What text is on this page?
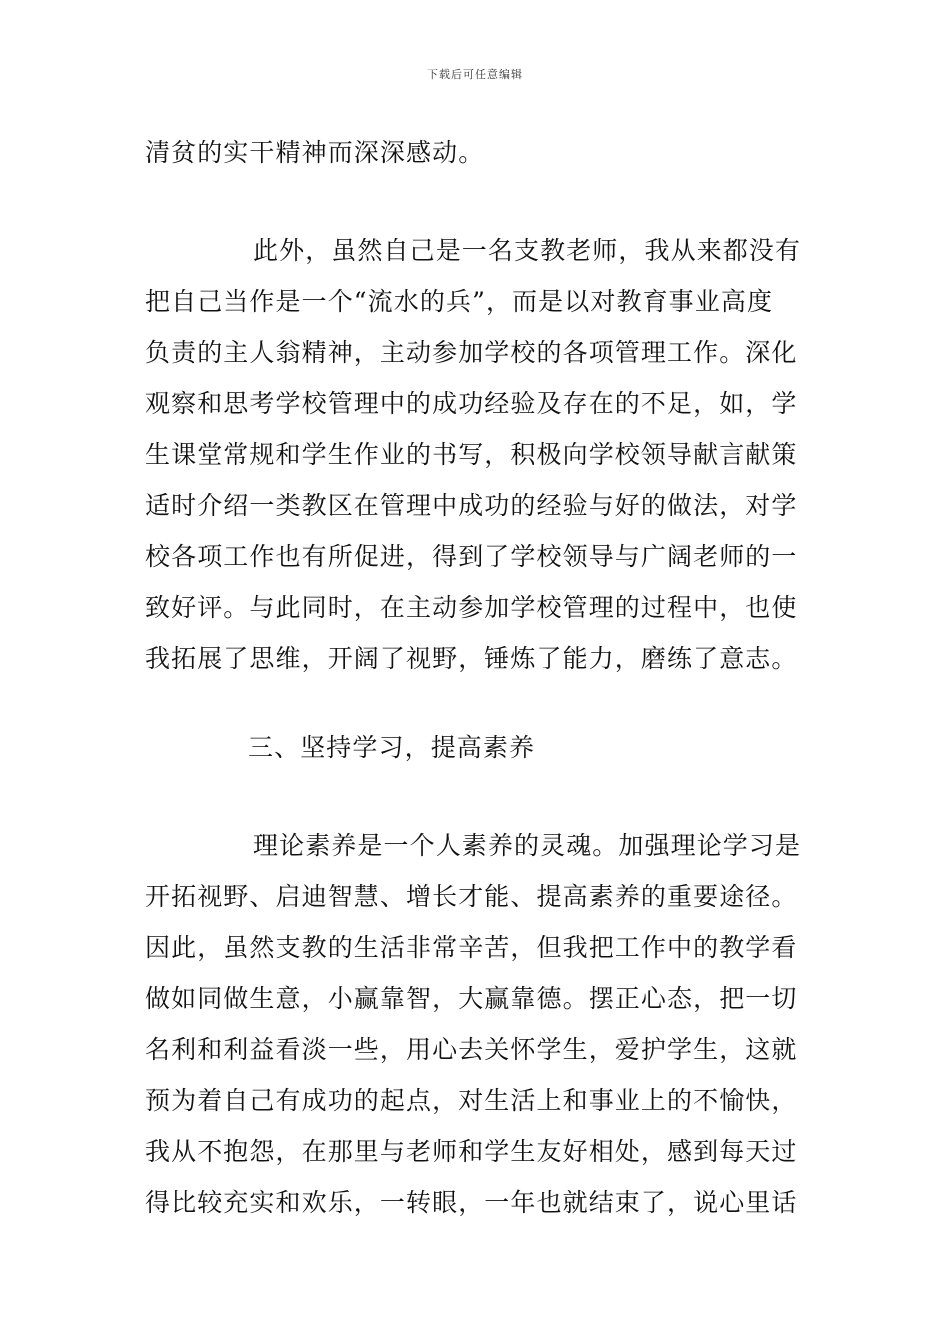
下载后可任意编辑
清贫的实干精神而深深感动。
此外，虽然自己是一名支教老师，我从来都没有
把自己当作是一个“流水的兵”，而是以对教育事业高度
负责的主人翁精神，主动参加学校的各项管理工作。深化
观察和思考学校管理中的成功经验及存在的不足，如，学
生课堂常规和学生作业的书写，积极向学校领导献言献策
适时介绍一类教区在管理中成功的经验与好的做法，对学
校各项工作也有所促进，得到了学校领导与广阔老师的一
致好评。与此同时，在主动参加学校管理的过程中，也使
我拓展了思维，开阔了视野，锤炼了能力，磨练了意志。
三、坚持学习，提高素养
理论素养是一个人素养的灵魂。加强理论学习是
开拓视野、启迪智慧、增长才能、提高素养的重要途径。
因此，虽然支教的生活非常辛苦，但我把工作中的教学看
做如同做生意，小赢靠智，大赢靠德。摆正心态，把一切
名利和利益看淡一些，用心去关怀学生，爱护学生，这就
预为着自己有成功的起点，对生活上和事业上的不愉快，
我从不抱怨，在那里与老师和学生友好相处，感到每天过
得比较充实和欢乐，一转眼，一年也就结束了，说心里话
